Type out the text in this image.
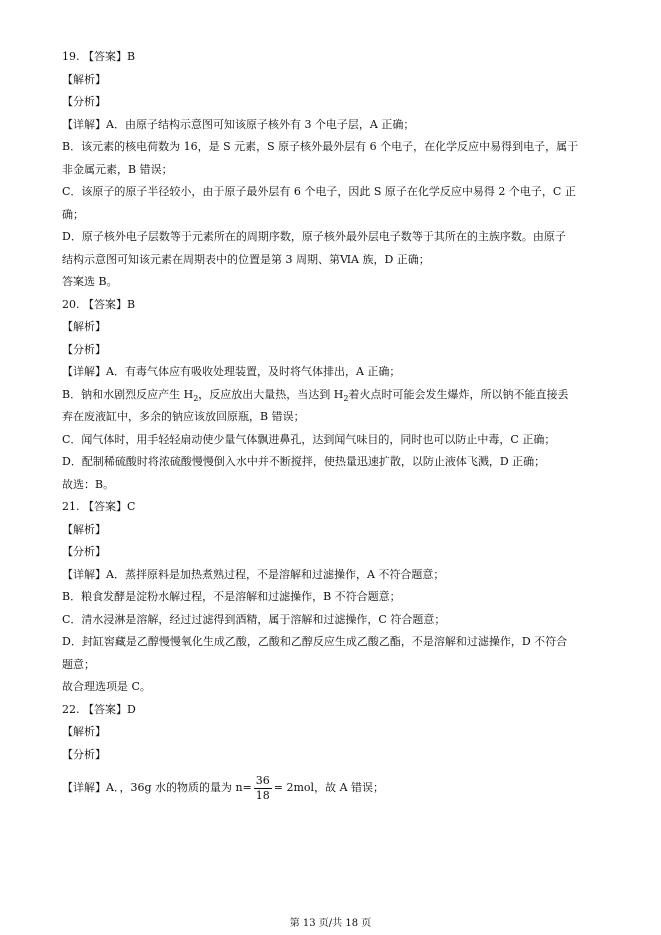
19. 【答案】B
【解析】
【分析】
【详解】A．由原子结构示意图可知该原子核外有 3 个电子层，A 正确；
B．该元素的核电荷数为 16，是 S 元素，S 原子核外最外层有 6 个电子，在化学反应中易得到电子，属于
非金属元素，B 错误；
C．该原子的原子半径较小，由于原子最外层有 6 个电子，因此 S 原子在化学反应中易得 2 个电子，C 正
确；
D．原子核外电子层数等于元素所在的周期序数，原子核外最外层电子数等于其所在的主族序数。由原子
结构示意图可知该元素在周期表中的位置是第 3 周期、第ⅥA 族，D 正确；
答案选 B。
20. 【答案】B
【解析】
【分析】
【详解】A．有毒气体应有吸收处理装置，及时将气体排出，A 正确；
B．钠和水剧烈反应产生 $H_2$，反应放出大量热，当达到 $H_2$着火点时可能会发生爆炸，所以钠不能直接丢
弃在废液缸中，多余的钠应该放回原瓶，B 错误；
C．闻气体时，用手轻轻扇动使少量气体飘进鼻孔，达到闻气味目的，同时也可以防止中毒，C 正确；
D．配制稀硫酸时将浓硫酸慢慢倒入水中并不断搅拌，使热量迅速扩散，以防止液体飞溅，D 正确；
故选：B。
21. 【答案】C
【解析】
【分析】
【详解】A．蒸拌原料是加热煮熟过程，不是溶解和过滤操作，A 不符合题意；
B．粮食发酵是淀粉水解过程，不是溶解和过滤操作，B 不符合题意；
C．清水浸淋是溶解，经过过滤得到酒精，属于溶解和过滤操作，C 符合题意；
D．封缸窖藏是乙醇慢慢氧化生成乙酸，乙酸和乙醇反应生成乙酸乙酯，不是溶解和过滤操作，D 不符合
题意；
故合理选项是 C。
22. 【答案】D
【解析】
【分析】
【详解】A．，36g 水的物质的量为 $n= \frac{36}{18} = 2mol$，故 A 错误；
第 13 页/共 18 页
